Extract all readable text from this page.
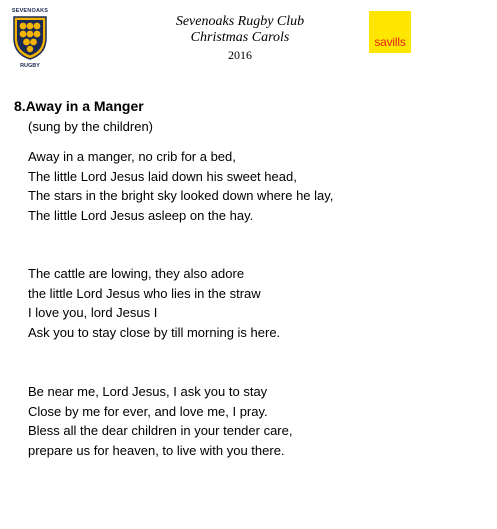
SEVENOAKS
RUGBY
Sevenoaks Rugby Club
Christmas Carols
2016
savills
8.Away in a Manger
(sung by the children)
Away in a manger, no crib for a bed,
The little Lord Jesus laid down his sweet head,
The stars in the bright sky looked down where he lay,
The little Lord Jesus asleep on the hay.
The cattle are lowing, they also adore
the little Lord Jesus who lies in the straw
I love you, lord Jesus I
Ask you to stay close by till morning is here.
Be near me, Lord Jesus, I ask you to stay
Close by me for ever, and love me, I pray.
Bless all the dear children in your tender care,
prepare us for heaven, to live with you there.
